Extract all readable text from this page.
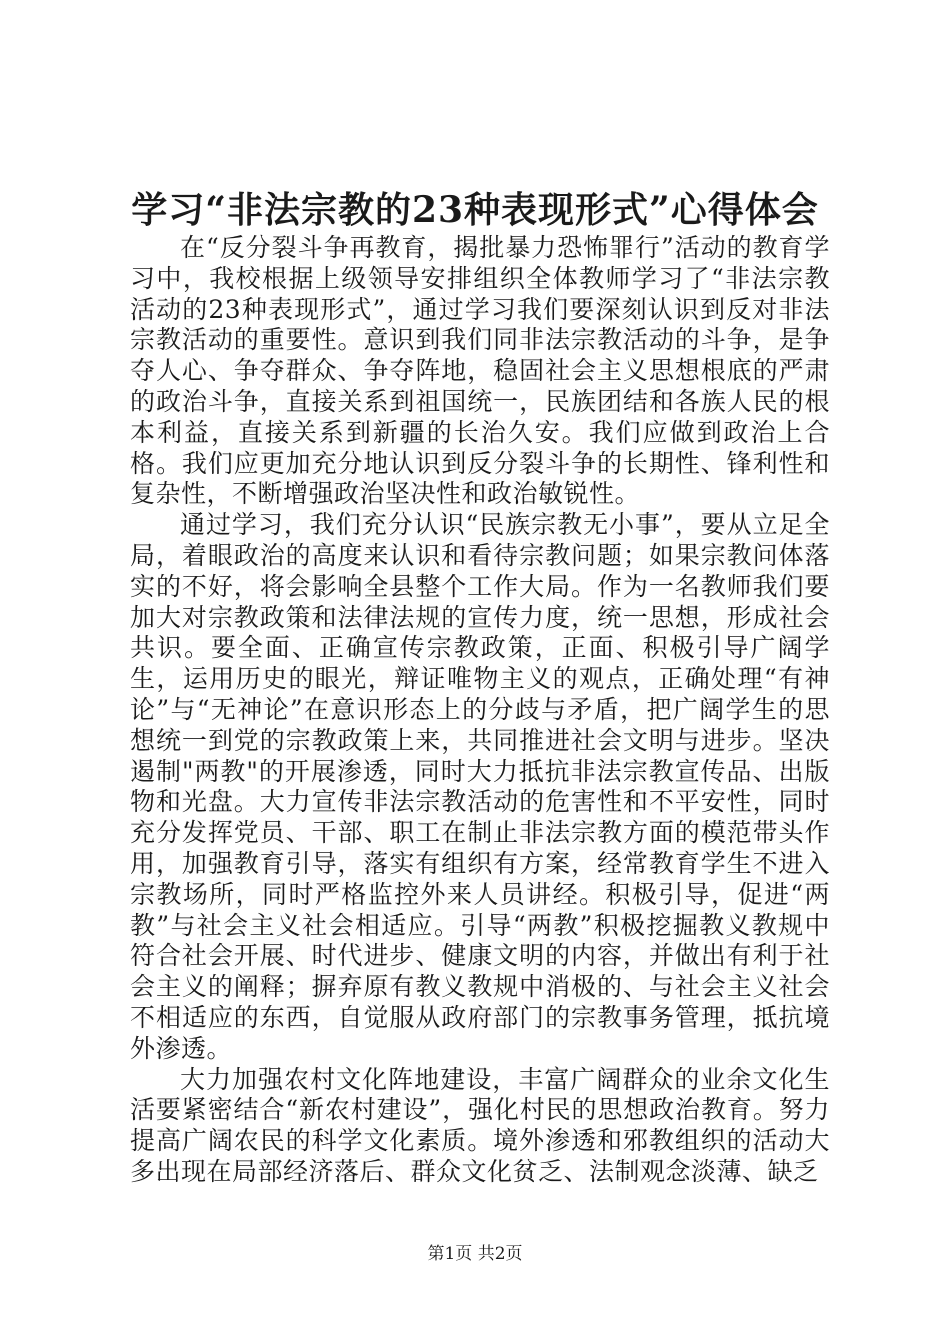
学习“非法宗教的23种表现形式”心得体会

在“反分裂斗争再教育，揭批暴力恐怖罪行”活动的教育学习中，我校根据上级领导安排组织全体教师学习了“非法宗教活动的23种表现形式”，通过学习我们要深刻认识到反对非法宗教活动的重要性。意识到我们同非法宗教活动的斗争，是争夺人心、争夺群众、争夺阵地，稳固社会主义思想根底的严肃的政治斗争，直接关系到祖国统一，民族团结和各族人民的根本利益，直接关系到新疆的长治久安。我们应做到政治上合格。我们应更加充分地认识到反分裂斗争的长期性、锋利性和复杂性，不断增强政治坚决性和政治敏锐性。

通过学习，我们充分认识“民族宗教无小事”，要从立足全局，着眼政治的高度来认识和看待宗教问题；如果宗教问体落实的不好，将会影响全县整个工作大局。作为一名教师我们要加大对宗教政策和法律法规的宣传力度，统一思想，形成社会共识。要全面、正确宣传宗教政策，正面、积极引导广阔学生，运用历史的眼光，辩证唯物主义的观点，正确处理“有神论”与“无神论”在意识形态上的分歧与矛盾，把广阔学生的思想统一到党的宗教政策上来，共同推进社会文明与进步。坚决遏制"两教"的开展渗透，同时大力抵抗非法宗教宣传品、出版物和光盘。大力宣传非法宗教活动的危害性和不平安性，同时充分发挥党员、干部、职工在制止非法宗教方面的模范带头作用，加强教育引导，落实有组织有方案，经常教育学生不进入宗教场所，同时严格监控外来人员讲经。积极引导，促进“两教”与社会主义社会相适应。引导“两教”积极挖掘教义教规中符合社会开展、时代进步、健康文明的内容，并做出有利于社会主义的阐释；摒弃原有教义教规中消极的、与社会主义社会不相适应的东西，自觉服从政府部门的宗教事务管理，抵抗境外渗透。

大力加强农村文化阵地建设，丰富广阔群众的业余文化生活要紧密结合“新农村建设”，强化村民的思想政治教育。努力提高广阔农民的科学文化素质。境外渗透和邪教组织的活动大多出现在局部经济落后、群众文化贫乏、法制观念淡薄、缺乏

第1页 共2页
